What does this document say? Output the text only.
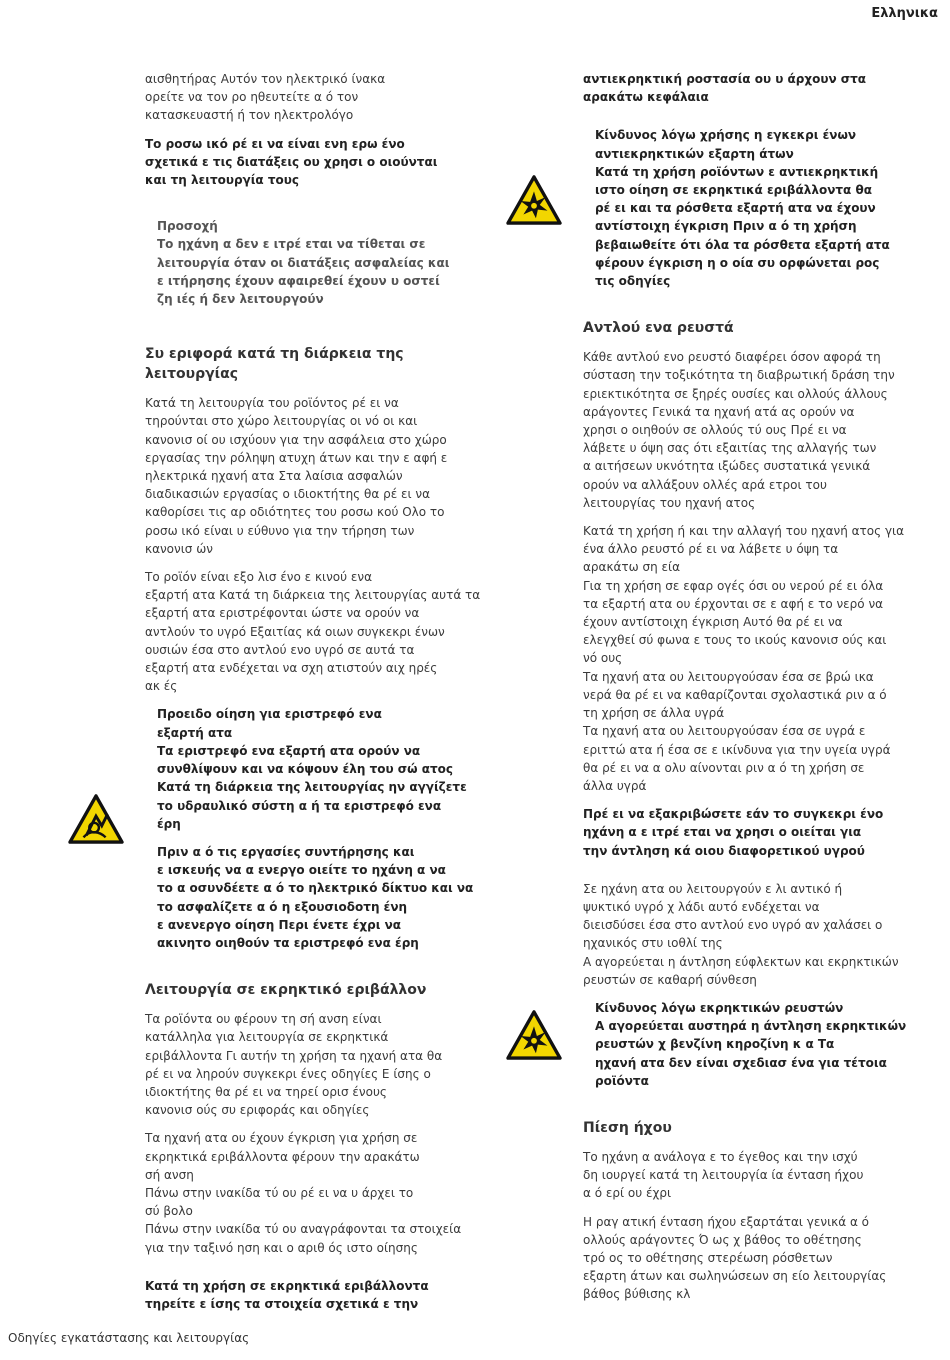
Ελληνικα

αισθητήρας Αυτόν τον ηλεκτρικό ίνακα
ορείτε να τον ρο ηθευτείτε α ό τον
κατασκευαστή ή τον ηλεκτρολόγο

Το ροσω ικό ρέ ει να είναι ενη ερω ένο
σχετικά ε τις διατάξεις ου χρησι ο οιούνται
και τη λειτουργία τους

Προσοχή

Το ηχάνη α δεν ε ιτρέ εται να τίθεται σε
λειτουργία όταν οι διατάξεις ασφαλείας και
ε ιτήρησης έχουν αφαιρεθεί έχουν υ οστεί
ζη ιές ή δεν λειτουργούν

Συ εριφορά κατά τη διάρκεια της λειτουργίας

Κατά τη λειτουργία του ροϊόντος ρέ ει να
τηρούνται στο χώρο λειτουργίας οι νό οι και
κανονισ οί ου ισχύουν για την ασφάλεια στο χώρο
εργασίας την ρόληψη ατυχη άτων και την ε αφή ε
ηλεκτρικά ηχανή ατα Στα λαίσια ασφαλών
διαδικασιών εργασίας ο ιδιοκτήτης θα ρέ ει να
καθορίσει τις αρ οδιότητες του ροσω κού Ολο το
ροσω ικό είναι υ εύθυνο για την τήρηση των
κανονισ ών

Το ροϊόν είναι εξο λισ ένο ε κινού ενα
εξαρτή ατα Κατά τη διάρκεια της λειτουργίας αυτά τα
εξαρτή ατα εριστρέφονται ώστε να ορούν να
αντλούν το υγρό Εξαιτίας κά οιων συγκεκρι ένων
ουσιών έσα στο αντλού ενο υγρό σε αυτά τα
εξαρτή ατα ενδέχεται να σχη ατιστούν αιχ ηρές
ακ ές

Προειδο οίηση για εριστρεφό ενα
εξαρτή ατα
Τα εριστρεφό ενα εξαρτή ατα ορούν να
συνθλίψουν και να κόψουν έλη του σώ ατος
Κατά τη διάρκεια της λειτουργίας ην αγγίζετε
το υδραυλικό σύστη α ή τα εριστρεφό ενα
έρη

Πριν α ό τις εργασίες συντήρησης και
ε ισκευής να α ενεργο οιείτε το ηχάνη α να
το α οσυνδέετε α ό το ηλεκτρικό δίκτυο και να
το ασφαλίζετε α ό η εξουσιοδοτη ένη
ε ανενεργο οίηση Περι ένετε έχρι να
ακινητο οιηθούν τα εριστρεφό ενα έρη

Λειτουργία σε εκρηκτικό εριβάλλον

Τα ροϊόντα ου φέρουν τη σή ανση είναι
κατάλληλα για λειτουργία σε εκρηκτικά
εριβάλλοντα Γι αυτήν τη χρήση τα ηχανή ατα θα
ρέ ει να ληρούν συγκεκρι ένες οδηγίες Ε ίσης ο
ιδιοκτήτης θα ρέ ει να τηρεί ορισ ένους
κανονισ ούς συ εριφοράς και οδηγίες

Τα ηχανή ατα ου έχουν έγκριση για χρήση σε
εκρηκτικά εριβάλλοντα φέρουν την αρακάτω
σή ανση
Πάνω στην ινακίδα τύ ου ρέ ει να υ άρχει το
σύ βολο
Πάνω στην ινακίδα τύ ου αναγράφονται τα στοιχεία
για την ταξινό ηση και ο αριθ ός ιστο οίησης

Κατά τη χρήση σε εκρηκτικά εριβάλλοντα
τηρείτε ε ίσης τα στοιχεία σχετικά ε την

αντιεκρηκτική ροστασία ου υ άρχουν στα
αρακάτω κεφάλαια

Κίνδυνος λόγω χρήσης η εγκεκρι ένων
αντιεκρηκτικών εξαρτη άτων
Κατά τη χρήση ροϊόντων ε αντιεκρηκτική
ιστο οίηση σε εκρηκτικά εριβάλλοντα θα
ρέ ει και τα ρόσθετα εξαρτή ατα να έχουν
αντίστοιχη έγκριση Πριν α ό τη χρήση
βεβαιωθείτε ότι όλα τα ρόσθετα εξαρτή ατα
φέρουν έγκριση η ο οία συ ορφώνεται ρος
τις οδηγίες

Αντλού ενα ρευστά

Κάθε αντλού ενο ρευστό διαφέρει όσον αφορά τη
σύσταση την τοξικότητα τη διαβρωτική δράση την
εριεκτικότητα σε ξηρές ουσίες και ολλούς άλλους
αράγοντες Γενικά τα ηχανή ατά ας ορούν να
χρησι ο οιηθούν σε ολλούς τύ ους Πρέ ει να
λάβετε υ όψη σας ότι εξαιτίας της αλλαγής των
α αιτήσεων υκνότητα ιξώδες συστατικά γενικά
ορούν να αλλάξουν ολλές αρά ετροι του
λειτουργίας του ηχανή ατος

Κατά τη χρήση ή και την αλλαγή του ηχανή ατος για
ένα άλλο ρευστό ρέ ει να λάβετε υ όψη τα
αρακάτω ση εία
Για τη χρήση σε εφαρ ογές όσι ου νερού ρέ ει όλα
τα εξαρτή ατα ου έρχονται σε ε αφή ε το νερό να
έχουν αντίστοιχη έγκριση Αυτό θα ρέ ει να
ελεγχθεί σύ φωνα ε τους το ικούς κανονισ ούς και
νό ους
Τα ηχανή ατα ου λειτουργούσαν έσα σε βρώ ικα
νερά θα ρέ ει να καθαρίζονται σχολαστικά ριν α ό
τη χρήση σε άλλα υγρά
Τα ηχανή ατα ου λειτουργούσαν έσα σε υγρά ε
εριττώ ατα ή έσα σε ε ικίνδυνα για την υγεία υγρά
θα ρέ ει να α ολυ αίνονται ριν α ό τη χρήση σε
άλλα υγρά

Πρέ ει να εξακριβώσετε εάν το συγκεκρι ένο
ηχάνη α ε ιτρέ εται να χρησι ο οιείται για
την άντληση κά οιου διαφορετικού υγρού

Σε ηχάνη ατα ου λειτουργούν ε λι αντικό ή
ψυκτικό υγρό χ λάδι αυτό ενδέχεται να
διεισδύσει έσα στο αντλού ενο υγρό αν χαλάσει ο
ηχανικός στυ ιοθλί της
Α αγορεύεται η άντληση εύφλεκτων και εκρηκτικών
ρευστών σε καθαρή σύνθεση

Κίνδυνος λόγω εκρηκτικών ρευστών
Α αγορεύεται αυστηρά η άντληση εκρηκτικών
ρευστών χ βενζίνη κηροζίνη κ α Τα
ηχανή ατα δεν είναι σχεδιασ ένα για τέτοια
ροϊόντα

Πίεση ήχου

Το ηχάνη α ανάλογα ε το έγεθος και την ισχύ
δη ιουργεί κατά τη λειτουργία ία ένταση ήχου
α ό ερί ου έχρι

Η ραγ ατική ένταση ήχου εξαρτάται γενικά α ό
ολλούς αράγοντες Ό ως χ βάθος το οθέτησης
τρό ος το οθέτησης στερέωση ρόσθετων
εξαρτη άτων και σωληνώσεων ση είο λειτουργίας
βάθος βύθισης κλ

Οδηγίες εγκατάστασης και λειτουργίας
